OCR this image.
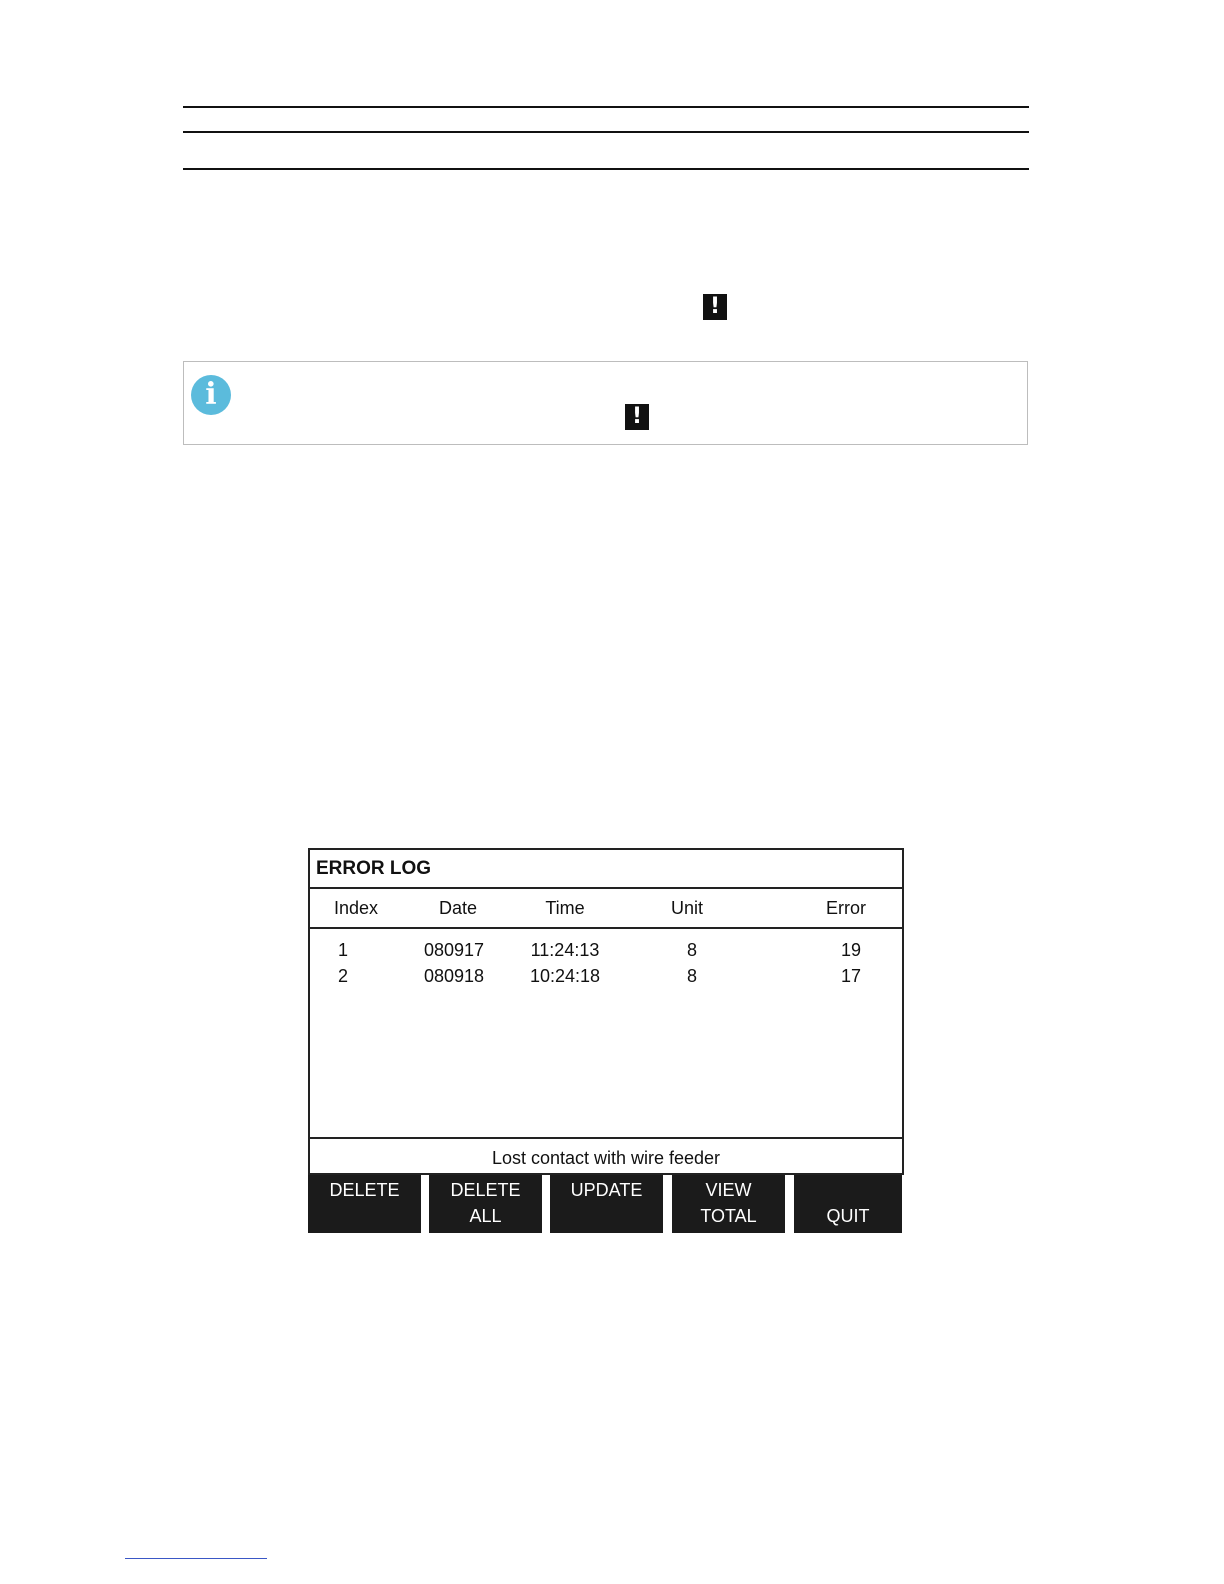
!
i
!
ERROR LOG
Index	Date	Time	Unit	Error
1	080917	11:24:13	8	19
2	080918	10:24:18	8	17
Lost contact with wire feeder
DELETE	DELETE
ALL
UPDATE	VIEW
TOTAL	QUIT
